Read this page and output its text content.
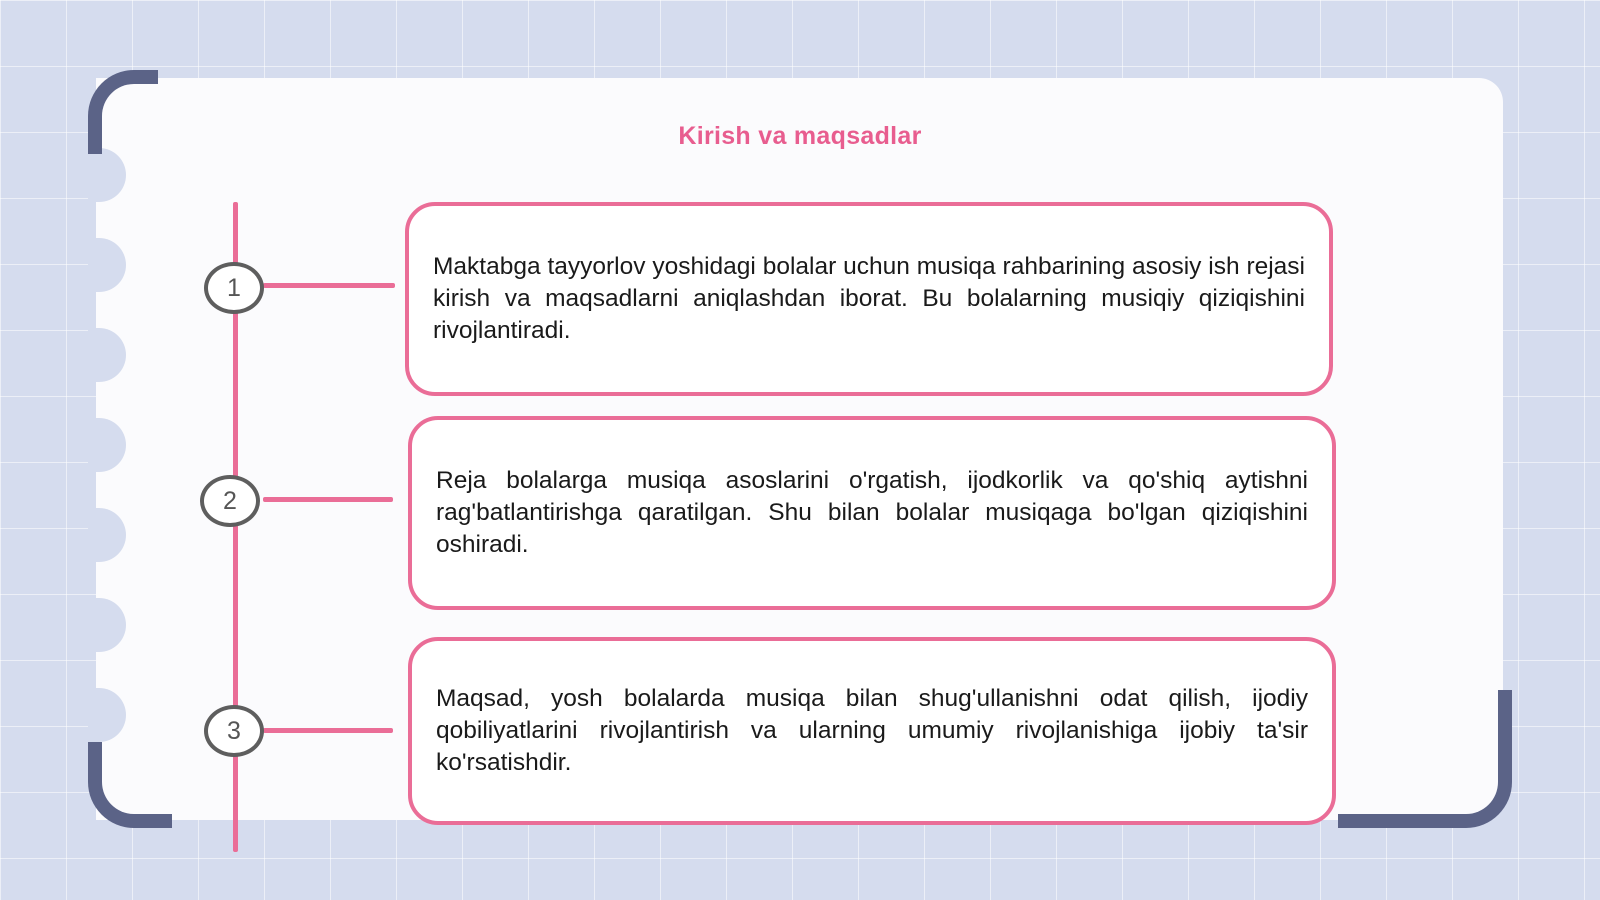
Kirish va maqsadlar
1
Maktabga tayyorlov yoshidagi bolalar uchun musiqa rahbarining asosiy ish rejasi kirish va maqsadlarni aniqlashdan iborat. Bu bolalarning musiqiy qiziqishini rivojlantiradi.
2
Reja bolalarga musiqa asoslarini o'rgatish, ijodkorlik va qo'shiq aytishni rag'batlantirishga qaratilgan. Shu bilan bolalar musiqaga bo'lgan qiziqishini oshiradi.
3
Maqsad, yosh bolalarda musiqa bilan shug'ullanishni odat qilish, ijodiy qobiliyatlarini rivojlantirish va ularning umumiy rivojlanishiga ijobiy ta'sir ko'rsatishdir.
